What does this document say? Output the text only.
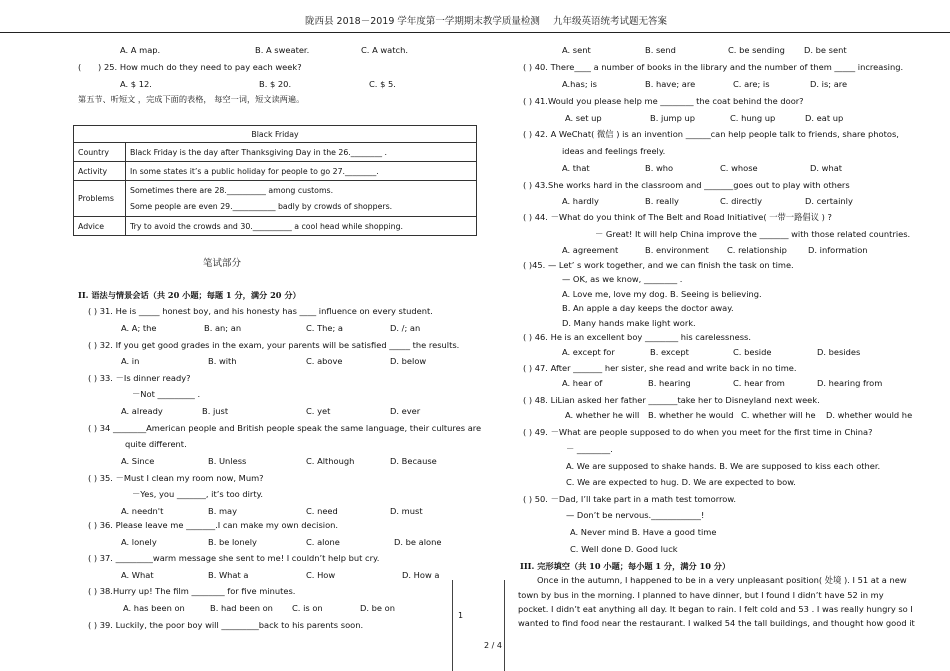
陇西县 2018－2019 学年度第一学期期末教学质量检测 九年级英语统考试题无答案
A. A map.	B. A sweater.	C. A watch.
( ) 25. How much do they need to pay each week?
A. $ 12.	B. $ 20.	C. $ 5.
第五节、听短文 ，完成下面的表格， 每空一词，短文读两遍。
Black Friday	
Country	Black Friday is the day after Thanksgiving Day in the 26.________ .
Activity	In some states it’s a public holiday for people to go 27.________.
Problems	Sometimes there are 28.__________ among customs.
Some people are even 29.___________ badly by crowds of shoppers.

Advice	Try to avoid the crowds and 30.__________ a cool head while shopping.
笔试部分
II. 语法与情景会话（共 20 小题；每题 1 分，满分 20 分）
( ) 31. He is _____ honest boy, and his honesty has ____ influence on every student.
A. A; the	B. an; an	C. The; a	D. /; an
( ) 32. If you get good grades in the exam, your parents will be satisfied _____ the results.
A. in	B. with	C. above	D. below
( ) 33. －Is dinner ready?
－Not _________ .
A. already	B. just	C. yet	D. ever
( ) 34 ________American people and British people speak the same language, their cultures are
quite different.
A. Since	B. Unless	C. Although	D. Because
( ) 35. －Must I clean my room now, Mum?
－Yes, you _______, it’s too dirty.
A. needn't	B. may	C. need	D. must
( ) 36. Please leave me _______.I can make my own decision.
A. lonely	B. be lonely	C. alone	D. be alone
( ) 37. _________warm message she sent to me! I couldn’t help but cry.
A. What	B. What a	C. How	D. How a
( ) 38.Hurry up! The film ________ for five minutes.
A. has been on	B. had been on C. is on	D. be on
( ) 39. Luckily, the poor boy will _________back to his parents soon.
1
2 / 4
A. sent	B. send	C. be sending D. be sent
( ) 40. There____ a number of books in the library and the number of them _____ increasing.
A.has; is	B. have; are	C. are; is	D. is; are
( ) 41.Would you please help me ________ the coat behind the door?
A. set up	B. jump up	C. hung up	D. eat up
( ) 42. A WeChat( 微信 ) is an invention ______can help people talk to friends, share photos,
ideas and feelings freely.
A. that	B. who	C. whose	D. what
( ) 43.She works hard in the classroom and _______goes out to play with others
A. hardly	B. really	C. directly	D. certainly
( ) 44. －What do you think of The Belt and Road Initiative( 一带一路倡议 ) ?
－ Great! It will help China improve the _______ with those related countries.
A. agreement	B. environment C. relationship	D. information
( )45. — Let’ s work together, and we can finish the task on time.
— OK, as we know, ________ .
A. Love me, love my dog. B. Seeing is believing.
B. An apple a day keeps the doctor away.
D. Many hands make light work.
( ) 46. He is an excellent boy ________ his carelessness.
A. except for	B. except	C. beside	D. besides
( ) 47. After _______ her sister, she read and write back in no time.
A. hear of	B. hearing	C. hear from	D. hearing from
( ) 48. LiLian asked her father _______take her to Disneyland next week.
A. whether he will B. whether he would C. whether will he D. whether would he
( ) 49. －What are people supposed to do when you meet for the first time in China?
－ ________.
A. We are supposed to shake hands. B. We are supposed to kiss each other.
C. We are expected to hug. D. We are expected to bow.
( ) 50. －Dad, I’ll take part in a math test tomorrow.
— Don’t be nervous.____________!
A. Never mind B. Have a good time
C. Well done D. Good luck
III. 完形填空（共 10 小题；每小题 1 分，满分 10 分）
Once in the autumn, I happened to be in a very unpleasant position( 处境 ). I 51 at a new
town by bus in the morning. I planned to have dinner, but I found I didn’t have 52 in my
pocket. I didn’t eat anything all day. It began to rain. I felt cold and 53 . I was really hungry so I
wanted to find food near the restaurant. I walked 54 the tall buildings, and thought how good it
